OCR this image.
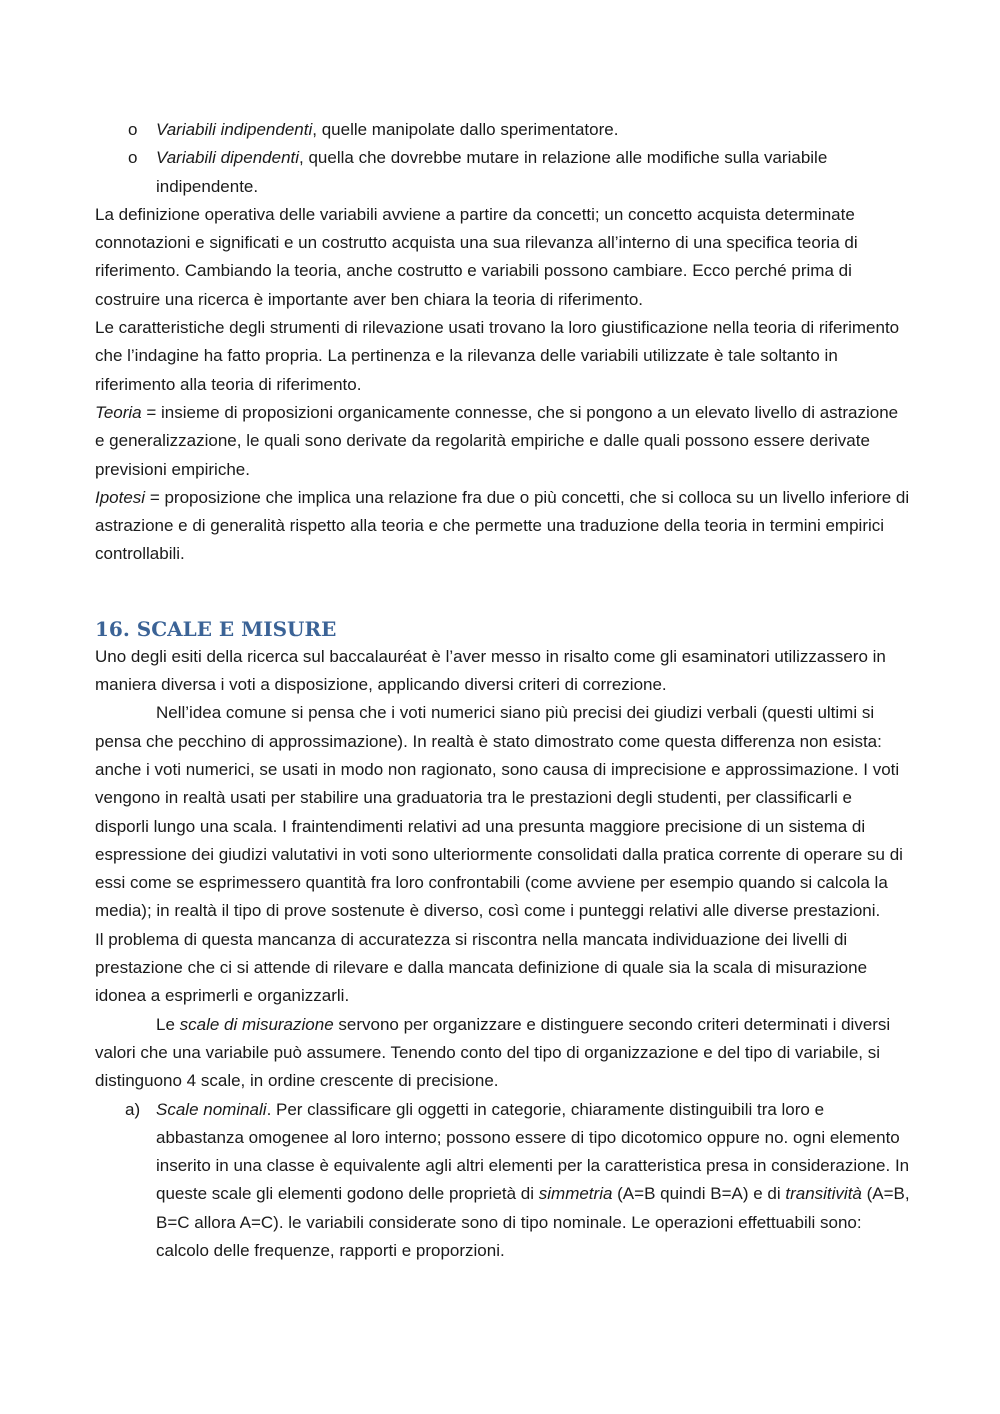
o Variabili indipendenti, quelle manipolate dallo sperimentatore.
o Variabili dipendenti, quella che dovrebbe mutare in relazione alle modifiche sulla variabile indipendente.

La definizione operativa delle variabili avviene a partire da concetti; un concetto acquista determinate connotazioni e significati e un costrutto acquista una sua rilevanza all’interno di una specifica teoria di riferimento. Cambiando la teoria, anche costrutto e variabili possono cambiare. Ecco perché prima di costruire una ricerca è importante aver ben chiara la teoria di riferimento.

Le caratteristiche degli strumenti di rilevazione usati trovano la loro giustificazione nella teoria di riferimento che l’indagine ha fatto propria. La pertinenza e la rilevanza delle variabili utilizzate è tale soltanto in riferimento alla teoria di riferimento.

Teoria = insieme di proposizioni organicamente connesse, che si pongono a un elevato livello di astrazione e generalizzazione, le quali sono derivate da regolarità empiriche e dalle quali possono essere derivate previsioni empiriche.

Ipotesi = proposizione che implica una relazione fra due o più concetti, che si colloca su un livello inferiore di astrazione e di generalità rispetto alla teoria e che permette una traduzione della teoria in termini empirici controllabili.

16. SCALE E MISURE

Uno degli esiti della ricerca sul baccalauréat è l’aver messo in risalto come gli esaminatori utilizzassero in maniera diversa i voti a disposizione, applicando diversi criteri di correzione.

Nell’idea comune si pensa che i voti numerici siano più precisi dei giudizi verbali (questi ultimi si pensa che pecchino di approssimazione). In realtà è stato dimostrato come questa differenza non esista: anche i voti numerici, se usati in modo non ragionato, sono causa di imprecisione e approssimazione. I voti vengono in realtà usati per stabilire una graduatoria tra le prestazioni degli studenti, per classificarli e disporli lungo una scala. I fraintendimenti relativi ad una presunta maggiore precisione di un sistema di espressione dei giudizi valutativi in voti sono ulteriormente consolidati dalla pratica corrente di operare su di essi come se esprimessero quantità fra loro confrontabili (come avviene per esempio quando si calcola la media); in realtà il tipo di prove sostenute è diverso, così come i punteggi relativi alle diverse prestazioni.

Il problema di questa mancanza di accuratezza si riscontra nella mancata individuazione dei livelli di prestazione che ci si attende di rilevare e dalla mancata definizione di quale sia la scala di misurazione idonea a esprimerli e organizzarli.

Le scale di misurazione servono per organizzare e distinguere secondo criteri determinati i diversi valori che una variabile può assumere. Tenendo conto del tipo di organizzazione e del tipo di variabile, si distinguono 4 scale, in ordine crescente di precisione.

a) Scale nominali. Per classificare gli oggetti in categorie, chiaramente distinguibili tra loro e abbastanza omogenee al loro interno; possono essere di tipo dicotomico oppure no. ogni elemento inserito in una classe è equivalente agli altri elementi per la caratteristica presa in considerazione. In queste scale gli elementi godono delle proprietà di simmetria (A=B quindi B=A) e di transitività (A=B, B=C allora A=C). le variabili considerate sono di tipo nominale. Le operazioni effettuabili sono: calcolo delle frequenze, rapporti e proporzioni.
